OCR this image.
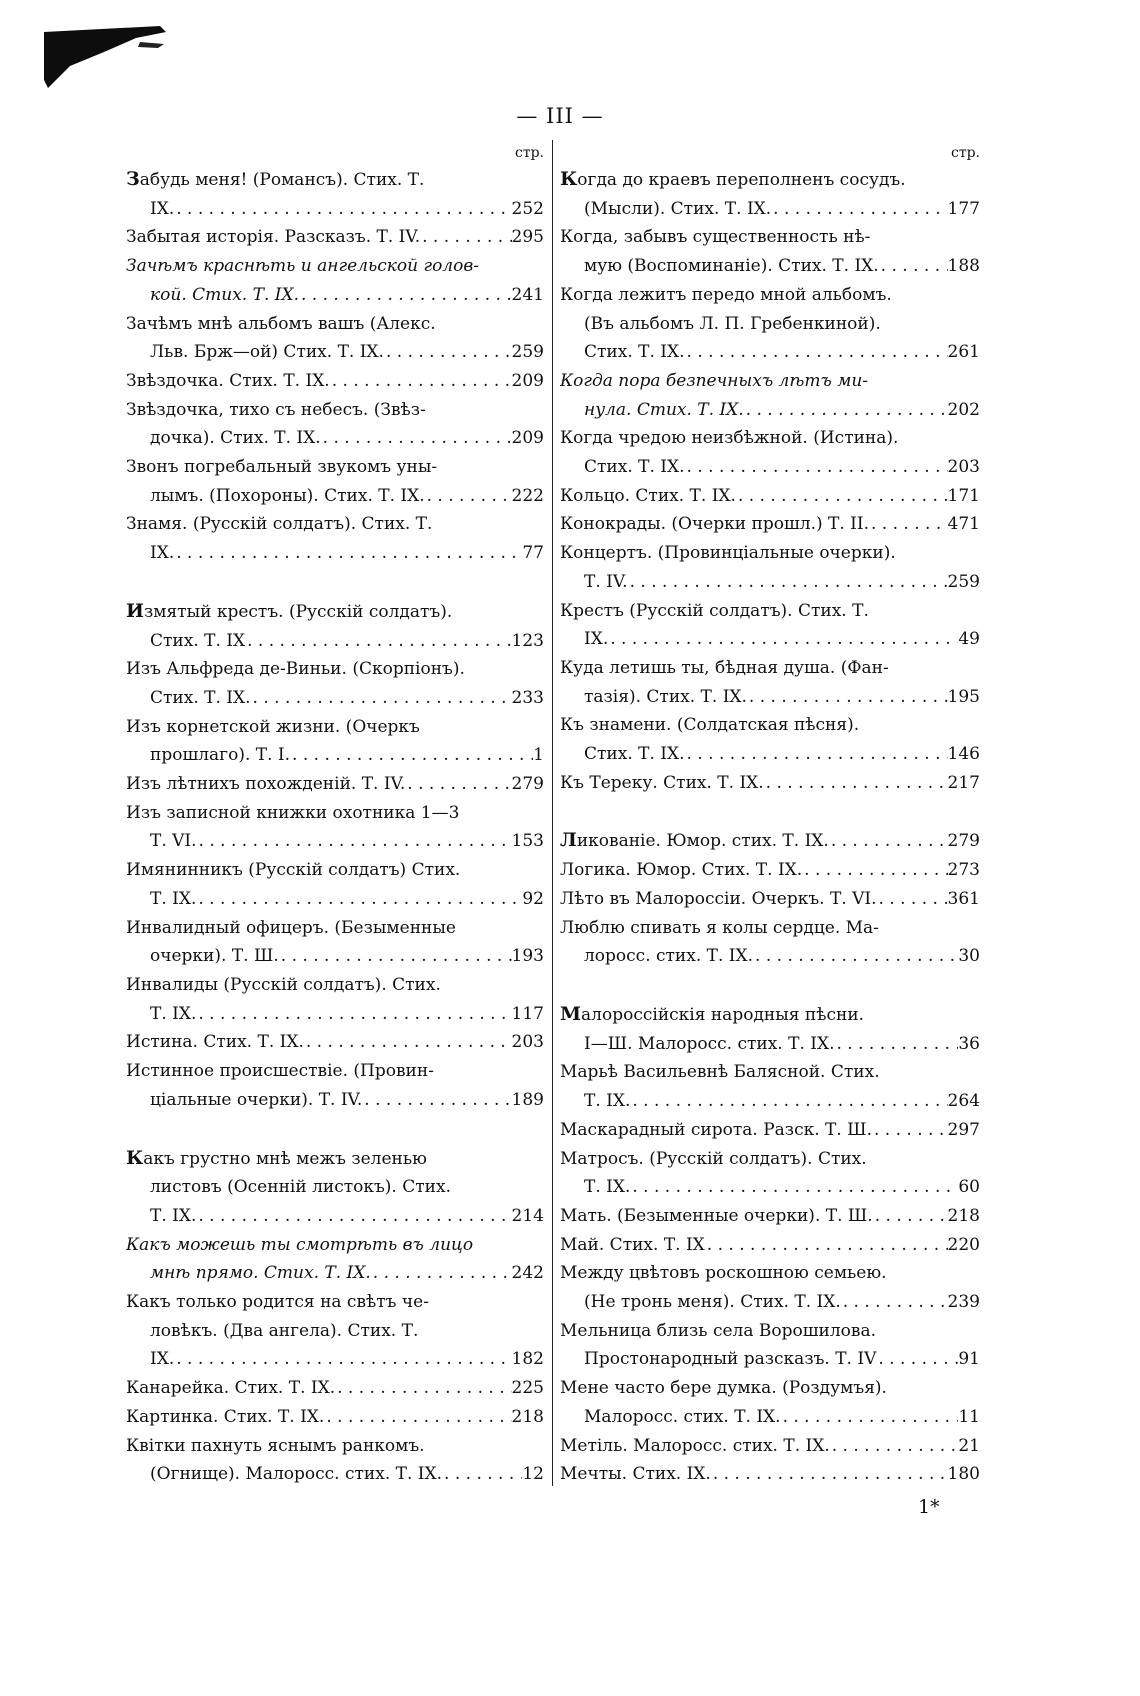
— III —
стр.
Забудь меня! (Романсъ). Стих. Т.
IX. . . .	252
Забытая исторія. Разсказъ. Т. IV. . . .	295
Зачѣмъ краснѣть и ангельской голов-
кой. Стих. Т. IX. . . .	241
Зачѣмъ мнѣ альбомъ вашъ (Алекс.
Льв. Брж—ой) Стих. Т. IX. . . .	259
Звѣздочка. Стих. Т. IX. . . .	209
Звѣздочка, тихо съ небесъ. (Звѣз-
дочка). Стих. Т. IX. . . .	209
Звонъ погребальный звукомъ уны-
лымъ. (Похороны). Стих. Т. IX. . . .	222
Знамя. (Русскій солдатъ). Стих. Т.
IX. . . .	77
Измятый крестъ. (Русскій солдатъ).
Стих. Т. IX . . .	123
Изъ Альфреда де-Виньи. (Скорпіонъ).
Стих. Т. IX. . . .	233
Изъ корнетской жизни. (Очеркъ
прошлаго). Т. I. . . .	1
Изъ лѣтнихъ похожденій. Т. IV. . . .	279
Изъ записной книжки охотника 1—3
Т. VI. . . .	153
Имянинникъ (Русскій солдатъ) Стих.
Т. IX. . . .	92
Инвалидный офицеръ. (Безыменные
очерки). Т. Ш. . . .	193
Инвалиды (Русскій солдатъ). Стих.
Т. IX. . . .	117
Истина. Стих. Т. IX. . . .	203
Истинное происшествіе. (Провин-
ціальные очерки). Т. IV. . . .	189
Какъ грустно мнѣ межъ зеленью
листовъ (Осенній листокъ). Стих.
Т. IX. . . .	214
Какъ можешь ты смотрѣть въ лицо
мнѣ прямо. Стих. Т. IX. . . .	242
Какъ только родится на свѣтъ че-
ловѣкъ. (Два ангела). Стих. Т.
IX. . . .	182
Канарейка. Стих. Т. IX. . . .	225
Картинка. Стих. Т. IX. . . .	218
Квітки пахнуть яснымъ ранкомъ.
(Огнище). Малоросс. стих. Т. IX. . . .	12
стр.
Когда до краевъ переполненъ сосудъ.
(Мысли). Стих. Т. IX. . . .	177
Когда, забывъ существенность нѣ-
мую (Воспоминаніе). Стих. Т. IX. . . .	188
Когда лежитъ передо мной альбомъ.
(Въ альбомъ Л. П. Гребенкиной).
Стих. Т. IX. . . .	261
Когда пора безпечныхъ лѣтъ ми-
нула. Стих. Т. IX. . . .	202
Когда чредою неизбѣжной. (Истина).
Стих. Т. IX. . . .	203
Кольцо. Стих. Т. IX. . . .	171
Конокрады. (Очерки прошл.) Т. II. . . .	471
Концертъ. (Провинціальные очерки).
Т. IV. . . .	259
Крестъ (Русскій солдатъ). Стих. Т.
IX. . . .	49
Куда летишь ты, бѣдная душа. (Фан-
тазія). Стих. Т. IX. . . .	195
Къ знамени. (Солдатская пѣсня).
Стих. Т. IX. . . .	146
Къ Тереку. Стих. Т. IX. . . .	217
Ликованіе. Юмор. стих. Т. IX. . . .	279
Логика. Юмор. Стих. Т. IX. . . .	273
Лѣто въ Малороссіи. Очеркъ. Т. VI. . . .	361
Люблю спивать я колы сердце. Ма-
лоросс. стих. Т. IX. . . .	30
Малороссійскія народныя пѣсни.
I—Ш. Малоросс. стих. Т. IX. . . .	36
Марьѣ Васильевнѣ Балясной. Стих.
Т. IX. . . .	264
Маскарадный сирота. Разск. Т. Ш. . . .	297
Матросъ. (Русскій солдатъ). Стих.
Т. IX. . . .	60
Мать. (Безыменные очерки). Т. Ш. . . .	218
Май. Стих. Т. IX . . .	220
Между цвѣтовъ роскошною семьею.
(Не тронь меня). Стих. Т. IX. . . .	239
Мельница близь села Ворошилова.
Простонародный разсказъ. Т. IV . . .	91
Мене часто бере думка. (Роздумъя).
Малоросс. стих. Т. IX. . . .	11
Метіль. Малоросс. стих. Т. IX. . . .	21
Мечты. Стих. IX. . . .	180
1*
